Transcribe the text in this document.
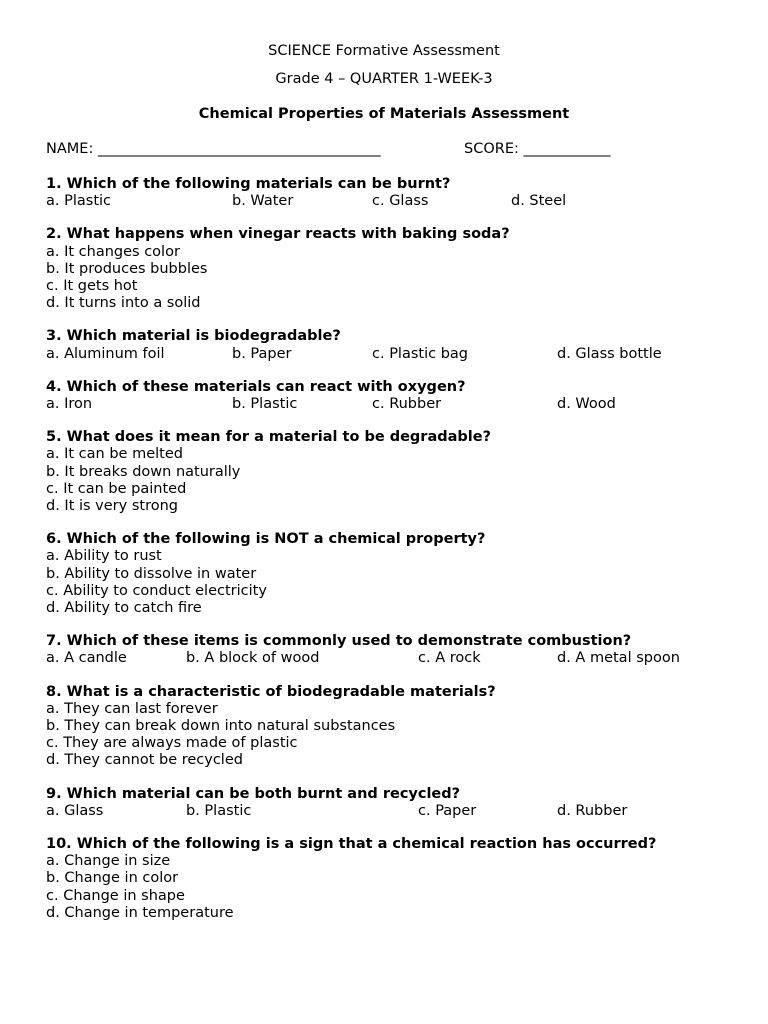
SCIENCE Formative Assessment
Grade 4 – QUARTER 1-WEEK-3
Chemical Properties of Materials Assessment
NAME: _______________________________________	SCORE: ____________
1. Which of the following materials can be burnt?
a. Plastic	b. Water	c. Glass	d. Steel
2. What happens when vinegar reacts with baking soda?
a. It changes color
b. It produces bubbles
c. It gets hot
d. It turns into a solid
3. Which material is biodegradable?
a. Aluminum foil	b. Paper	c. Plastic bag	d. Glass bottle
4. Which of these materials can react with oxygen?
a. Iron	b. Plastic	c. Rubber	d. Wood
5. What does it mean for a material to be degradable?
a. It can be melted
b. It breaks down naturally
c. It can be painted
d. It is very strong
6. Which of the following is NOT a chemical property?
a. Ability to rust
b. Ability to dissolve in water
c. Ability to conduct electricity
d. Ability to catch fire
7. Which of these items is commonly used to demonstrate combustion?
a. A candle	b. A block of wood	c. A rock	d. A metal spoon
8. What is a characteristic of biodegradable materials?
a. They can last forever
b. They can break down into natural substances
c. They are always made of plastic
d. They cannot be recycled
9. Which material can be both burnt and recycled?
a. Glass	b. Plastic	c. Paper	d. Rubber
10. Which of the following is a sign that a chemical reaction has occurred?
a. Change in size
b. Change in color
c. Change in shape
d. Change in temperature
